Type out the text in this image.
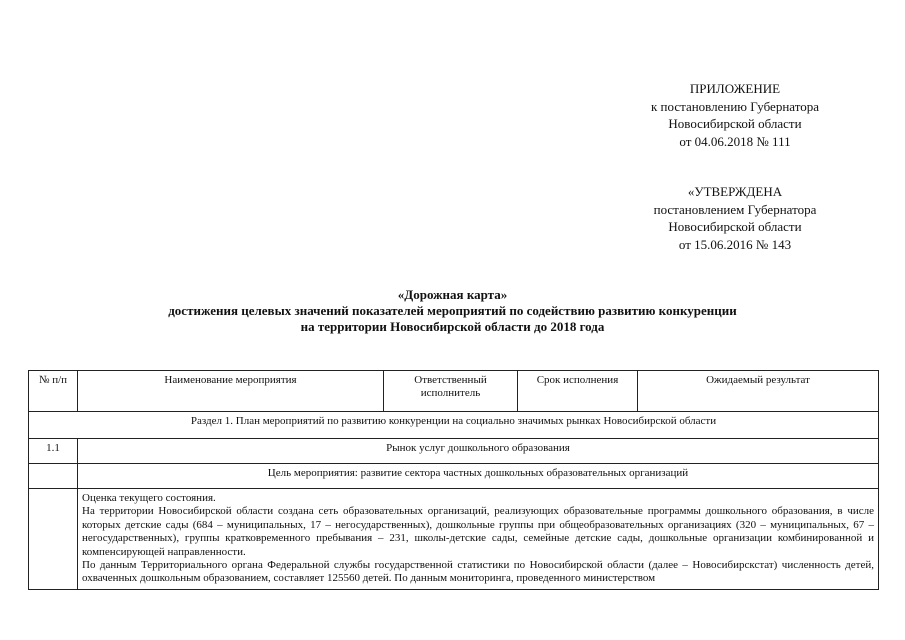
ПРИЛОЖЕНИЕ
к постановлению Губернатора
Новосибирской области
от 04.06.2018 № 111
«УТВЕРЖДЕНА
постановлением Губернатора
Новосибирской области
от 15.06.2016 № 143
«Дорожная карта»
достижения целевых значений показателей мероприятий по содействию развитию конкуренции
на территории Новосибирской области до 2018 года
№ п/п	Наименование мероприятия	Ответственный исполнитель	Срок исполнения	Ожидаемый результат
Раздел 1. План мероприятий по развитию конкуренции на социально значимых рынках Новосибирской области				
1.1	Рынок услуг дошкольного образования			
	Цель мероприятия: развитие сектора частных дошкольных образовательных организаций			

	Оценка текущего состояния.

На территории Новосибирской области создана сеть образовательных организаций, реализующих образовательные программы дошкольного образования, в числе которых детские сады (684 – муниципальных, 17 – негосударственных), дошкольные группы при общеобразовательных организациях (320 – муниципальных, 67 – негосударственных), группы кратковременного пребывания – 231, школы-детские сады, семейные детские сады, дошкольные организации комбинированной и компенсирующей направленности.

По данным Территориального органа Федеральной службы государственной статистики по Новосибирской области (далее – Новосибирскстат) численность детей, охваченных дошкольным образованием, составляет 125560 детей. По данным мониторинга, проведенного министерством			
